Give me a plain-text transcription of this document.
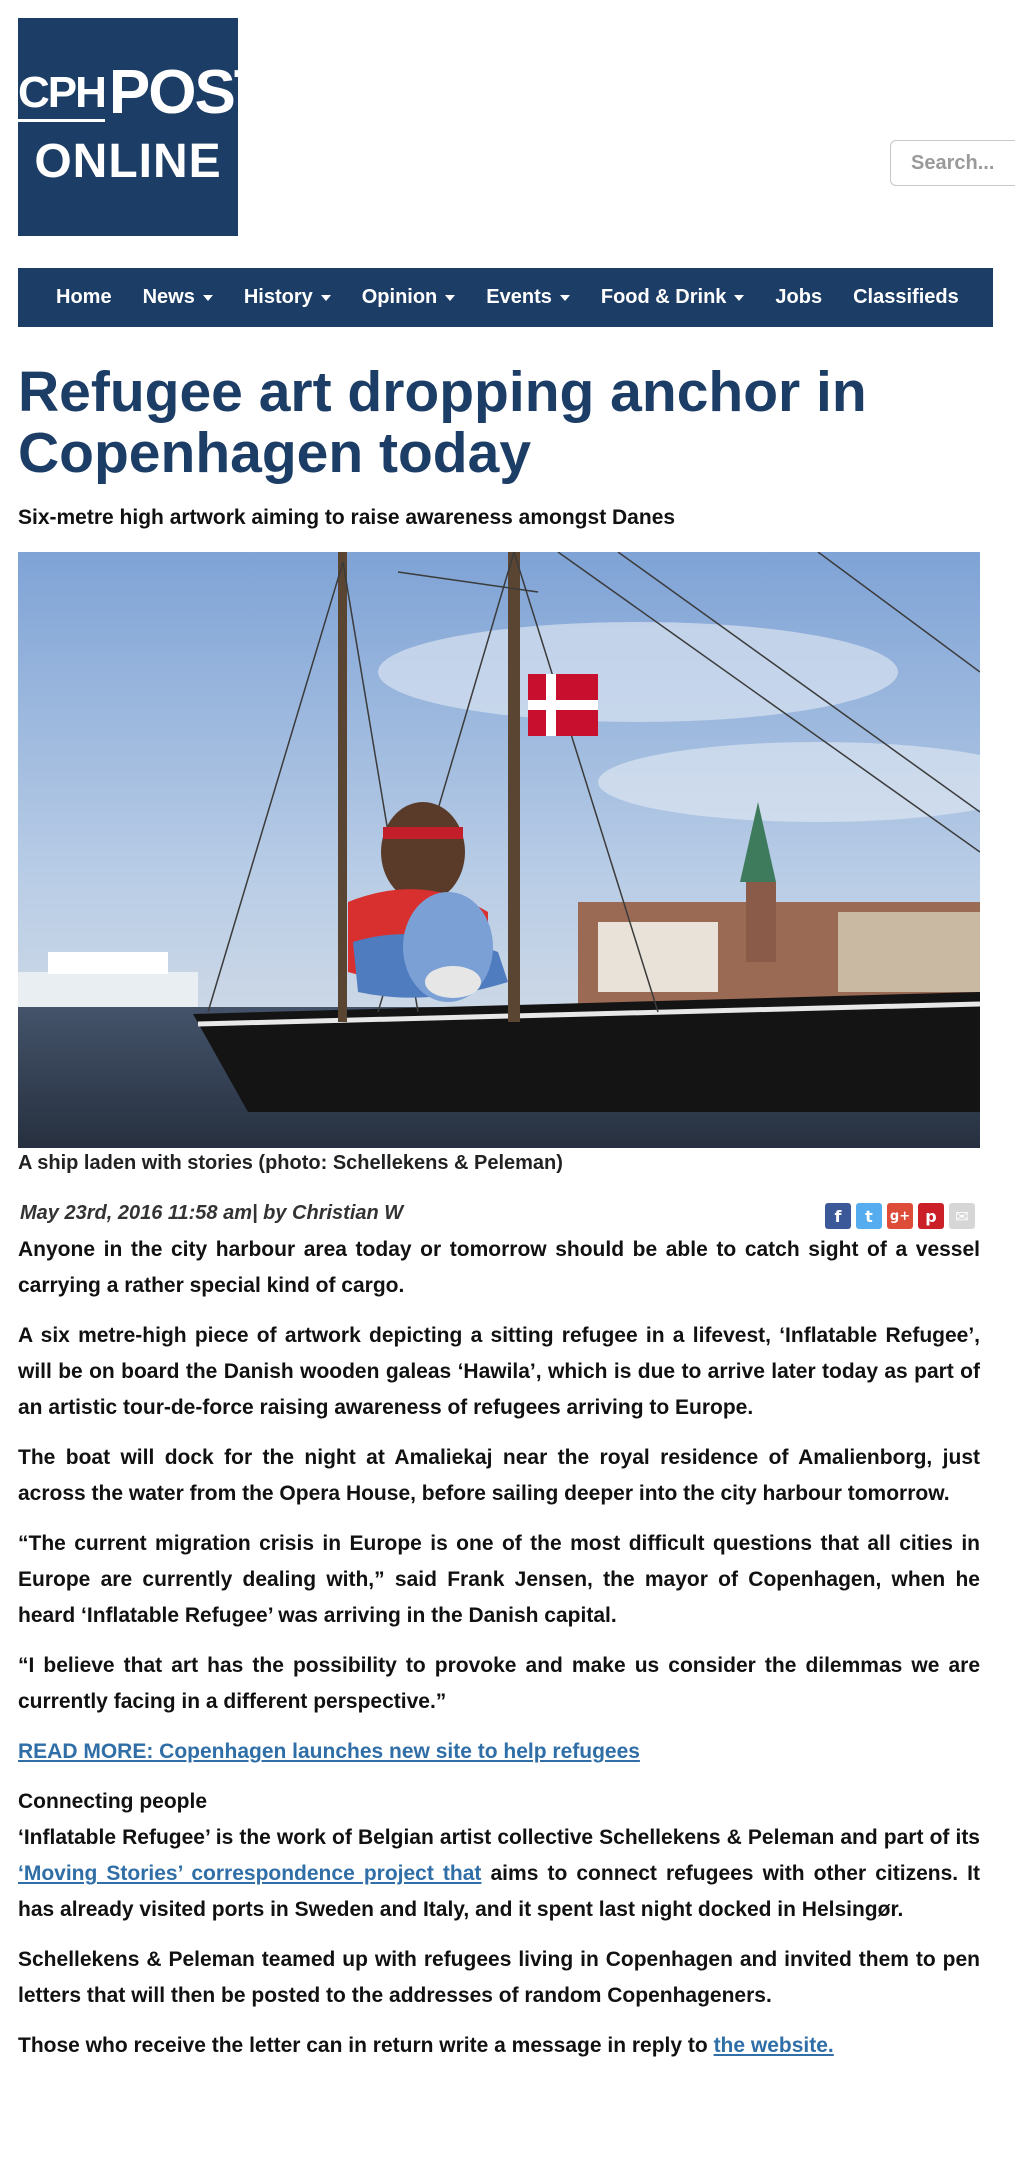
CPHPOST
ONLINE
Search...
Home News History Opinion Events Food & Drink Jobs Classifieds
Refugee art dropping anchor in Copenhagen today
Six-metre high artwork aiming to raise awareness amongst Danes
A ship laden with stories (photo: Schellekens & Peleman)
May 23rd, 2016 11:58 am| by Christian W	f	t	g+ p	✉

Anyone in the city harbour area today or tomorrow should be able to catch sight of a vessel carrying a rather special kind of cargo.

A six metre-high piece of artwork depicting a sitting refugee in a lifevest, ‘Inflatable Refugee’, will be on board the Danish wooden galeas ‘Hawila’, which is due to arrive later today as part of an artistic tour-de-force raising awareness of refugees arriving to Europe.

The boat will dock for the night at Amaliekaj near the royal residence of Amalienborg, just across the water from the Opera House, before sailing deeper into the city harbour tomorrow.

“The current migration crisis in Europe is one of the most difficult questions that all cities in Europe are currently dealing with,” said Frank Jensen, the mayor of Copenhagen, when he heard ‘Inflatable Refugee’ was arriving in the Danish capital.

“I believe that art has the possibility to provoke and make us consider the dilemmas we are currently facing in a different perspective.”

READ MORE: Copenhagen launches new site to help refugees

Connecting people

‘Inflatable Refugee’ is the work of Belgian artist collective Schellekens & Peleman and part of its ‘Moving Stories’ correspondence project that aims to connect refugees with other citizens. It has already visited ports in Sweden and Italy, and it spent last night docked in Helsingør.

Schellekens & Peleman teamed up with refugees living in Copenhagen and invited them to pen letters that will then be posted to the addresses of random Copenhageners.

Those who receive the letter can in return write a message in reply to the website.
